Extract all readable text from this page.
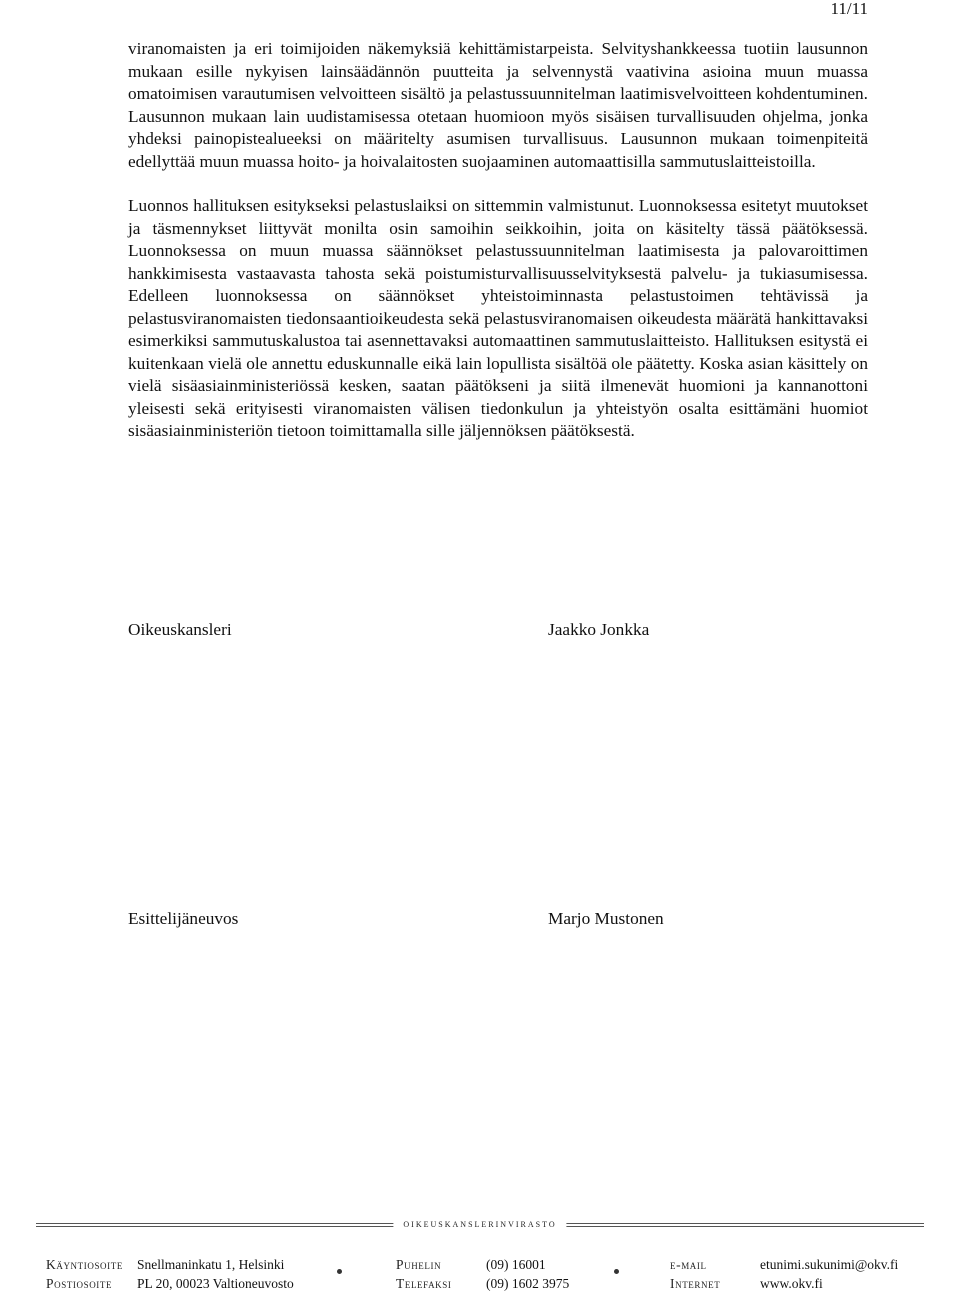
11/11

viranomaisten ja eri toimijoiden näkemyksiä kehittämistarpeista. Selvityshankkeessa tuotiin lausunnon mukaan esille nykyisen lainsäädännön puutteita ja selvennystä vaativina asioina muun muassa omatoimisen varautumisen velvoitteen sisältö ja pelastussuunnitelman laatimisvelvoitteen kohdentuminen. Lausunnon mukaan lain uudistamisessa otetaan huomioon myös sisäisen turvallisuuden ohjelma, jonka yhdeksi painopistealueeksi on määritelty asumisen turvallisuus. Lausunnon mukaan toimenpiteitä edellyttää muun muassa hoito- ja hoivalaitosten suojaaminen automaattisilla sammutuslaitteistoilla.

Luonnos hallituksen esitykseksi pelastuslaiksi on sittemmin valmistunut. Luonnoksessa esitetyt muutokset ja täsmennykset liittyvät monilta osin samoihin seikkoihin, joita on käsitelty tässä päätöksessä. Luonnoksessa on muun muassa säännökset pelastussuunnitelman laatimisesta ja palovaroittimen hankkimisesta vastaavasta tahosta sekä poistumisturvallisuusselvityksestä palvelu- ja tukiasumisessa. Edelleen luonnoksessa on säännökset yhteistoiminnasta pelastustoimen tehtävissä ja pelastusviranomaisten tiedonsaantioikeudesta sekä pelastusviranomaisen oikeudesta määrätä hankittavaksi esimerkiksi sammutuskalustoa tai asennettavaksi automaattinen sammutuslaitteisto. Hallituksen esitystä ei kuitenkaan vielä ole annettu eduskunnalle eikä lain lopullista sisältöä ole päätetty. Koska asian käsittely on vielä sisäasiainministeriössä kesken, saatan päätökseni ja siitä ilmenevät huomioni ja kannanottoni yleisesti sekä erityisesti viranomaisten välisen tiedonkulun ja yhteistyön osalta esittämäni huomiot sisäasiainministeriön tietoon toimittamalla sille jäljennöksen päätöksestä.

Oikeuskansleri	Jaakko Jonkka
Esittelijäneuvos	Marjo Mustonen
oikeuskanslerinvirasto
Käyntiosoite
Postiosoite
Snellmaninkatu 1, Helsinki
PL 20, 00023 Valtioneuvosto
Puhelin
Telefaksi
(09) 16001
(09) 1602 3975
e-mail
Internet
etunimi.sukunimi@okv.fi
www.okv.fi
